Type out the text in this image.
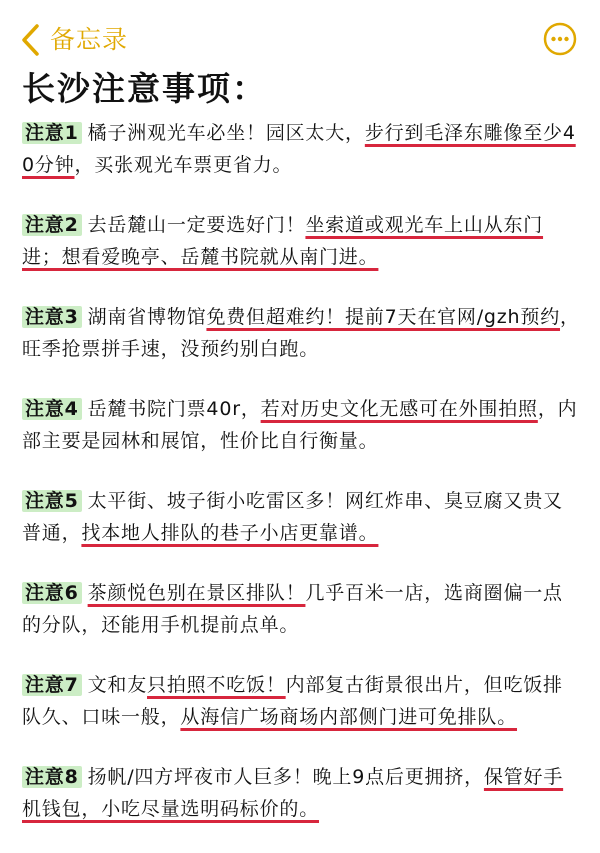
备忘录
长沙注意事项：

注意1 橘子洲观光车必坐！园区太大，步行到毛泽东雕像至少40分钟，买张观光车票更省力。

注意2 去岳麓山一定要选好门！坐索道或观光车上山从东门进；想看爱晚亭、岳麓书院就从南门进。

注意3 湖南省博物馆免费但超难约！提前7天在官网/gzh预约，旺季抢票拼手速，没预约别白跑。

注意4 岳麓书院门票40r，若对历史文化无感可在外围拍照，内部主要是园林和展馆，性价比自行衡量。

注意5 太平街、坡子街小吃雷区多！网红炸串、臭豆腐又贵又普通，找本地人排队的巷子小店更靠谱。

注意6 茶颜悦色别在景区排队！几乎百米一店，选商圈偏一点的分队，还能用手机提前点单。

注意7 文和友只拍照不吃饭！内部复古街景很出片，但吃饭排队久、口味一般，从海信广场商场内部侧门进可免排队。

注意8 扬帆/四方坪夜市人巨多！晚上9点后更拥挤，保管好手机钱包，小吃尽量选明码标价的。
